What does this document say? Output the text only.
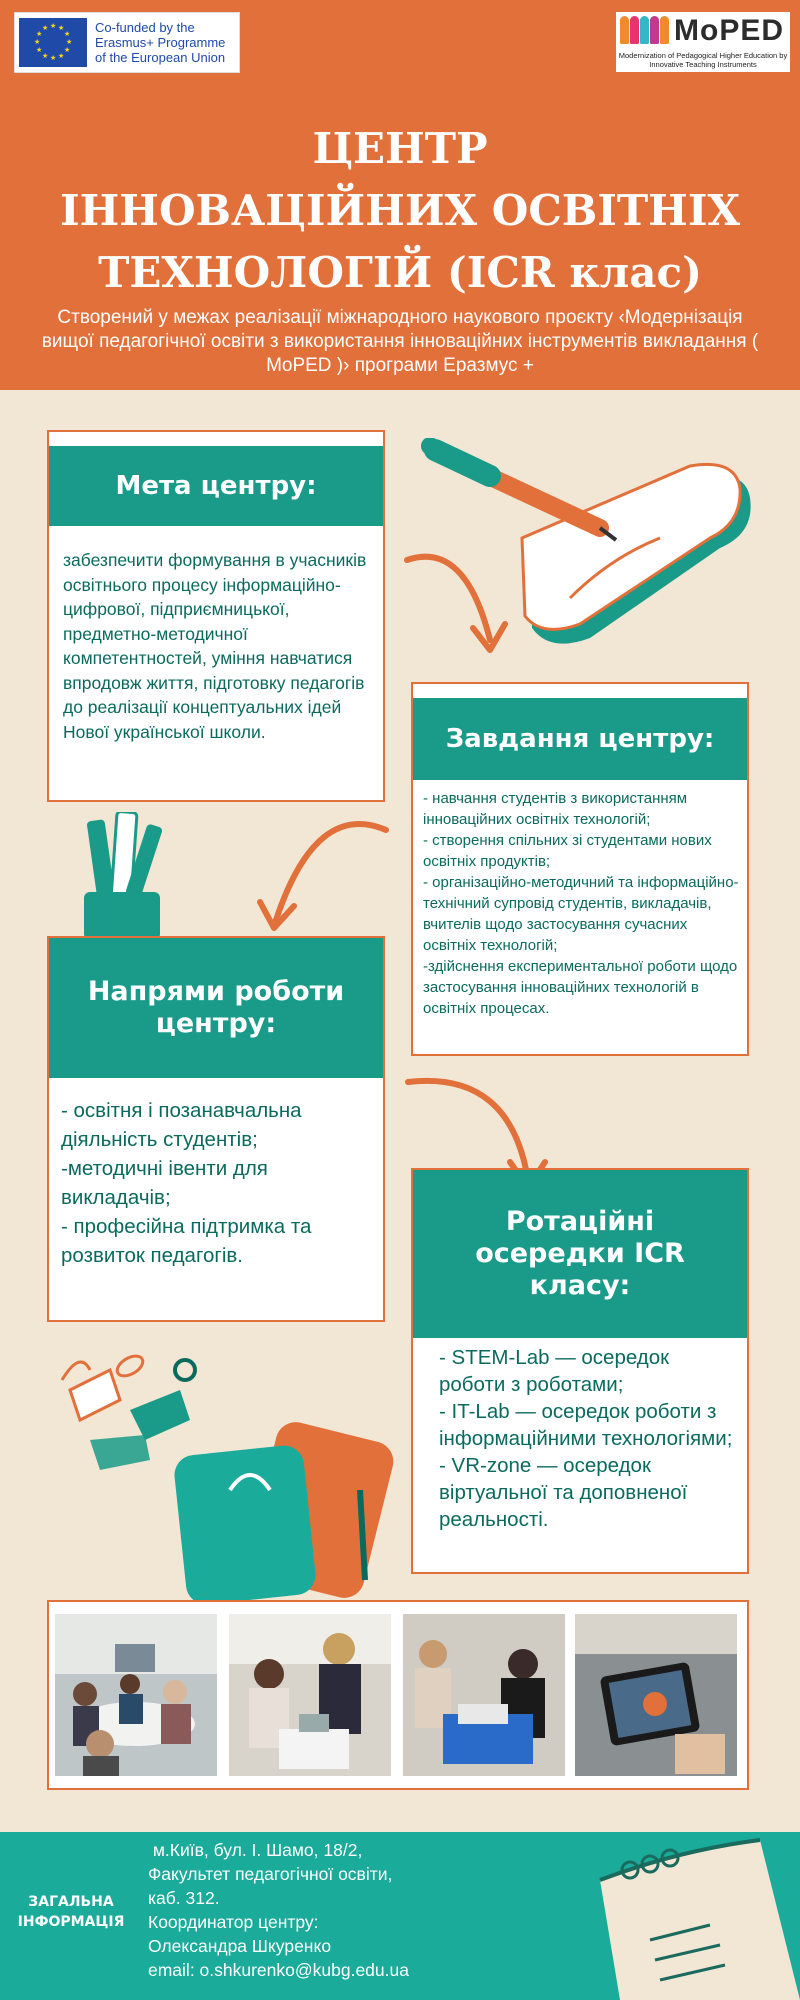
★ ★
★
★
★
★
★
★
★
★
★
★	Co-funded by the
Erasmus+ Programme
of the European Union
MoPED
Modernization of Pedagogical Higher Education by Innovative Teaching Instruments
ЦЕНТР
ІННОВАЦІЙНИХ ОСВІТНІХ
ТЕХНОЛОГІЙ (ICR клас)
Створений у межах реалізації міжнародного наукового проєкту ‹Модернізація вищої педагогічної освіти з використання інноваційних інструментів викладання ( MoPED )› програми Еразмус +
Мета центру:
забезпечити формування в учасників освітнього процесу інформаційно-цифрової, підприємницької, предметно-методичної компетентностей, уміння навчатися впродовж життя, підготовку педагогів до реалізації концептуальних ідей Нової української школи.	Завдання центру:
- навчання студентів з використанням інноваційних освітніх технологій;
- створення спільних зі студентами нових освітніх продуктів;
- організаційно-методичний та інформаційно-технічний супровід студентів, викладачів, вчителів щодо застосування сучасних освітніх технологій;
-здійснення експериментальної роботи щодо застосування інноваційних технологій в освітніх процесах.
Напрями роботи центру:
- освітня і позанавчальна діяльність студентів;
-методичні івенти для викладачів;
- професійна підтримка та розвиток педагогів.
Ротаційні осередки ICR класу:
- STEM-Lab — осередок роботи з роботами;
- IT-Lab — осередок роботи з інформаційними технологіями;
- VR-zone — осередок віртуальної та доповненої реальності.
ЗАГАЛЬНА ІНФОРМАЦІЯ
м.Київ, бул. І. Шамо, 18/2,
Факультет педагогічної освіти,
каб. 312.
Координатор центру:
Олександра Шкуренко
email: o.shkurenko@kubg.edu.ua
